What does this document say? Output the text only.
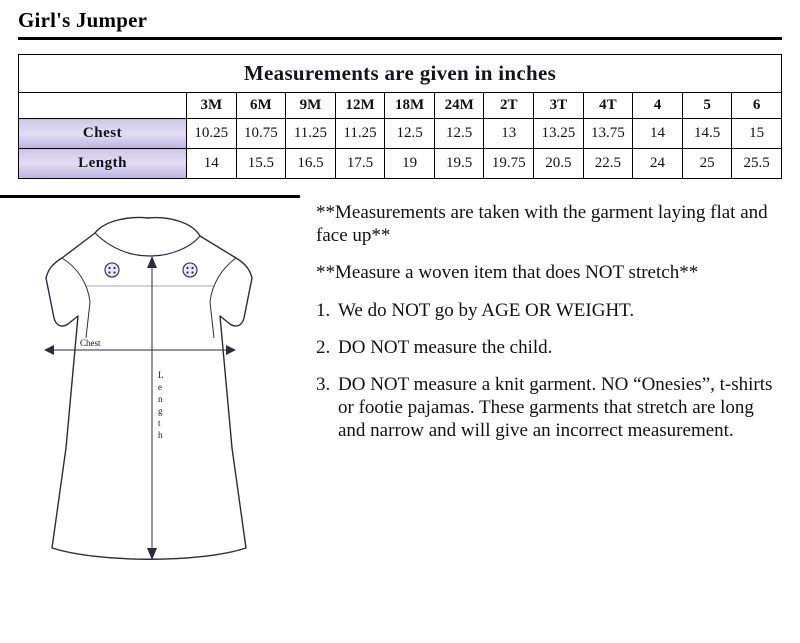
Girl's Jumper
Measurements are given in inches												
	3M	6M	9M	12M	18M	24M	2T	3T	4T	4	5	6
Chest	10.25	10.75	11.25	11.25	12.5	12.5	13	13.25	13.75	14	14.5	15
Length	14	15.5	16.5	17.5	19	19.5	19.75	20.5	22.5	24	25	25.5
Chest
L
e
n
g
t
h

**Measurements are taken with the garment laying flat and face up**

**Measure a woven item that does NOT stretch**

1. We do NOT go by AGE OR WEIGHT.
2. DO NOT measure the child.
3. DO NOT measure a knit garment. NO “Onesies”, t-shirts or footie pajamas. These garments that stretch are long and narrow and will give an incorrect measurement.
